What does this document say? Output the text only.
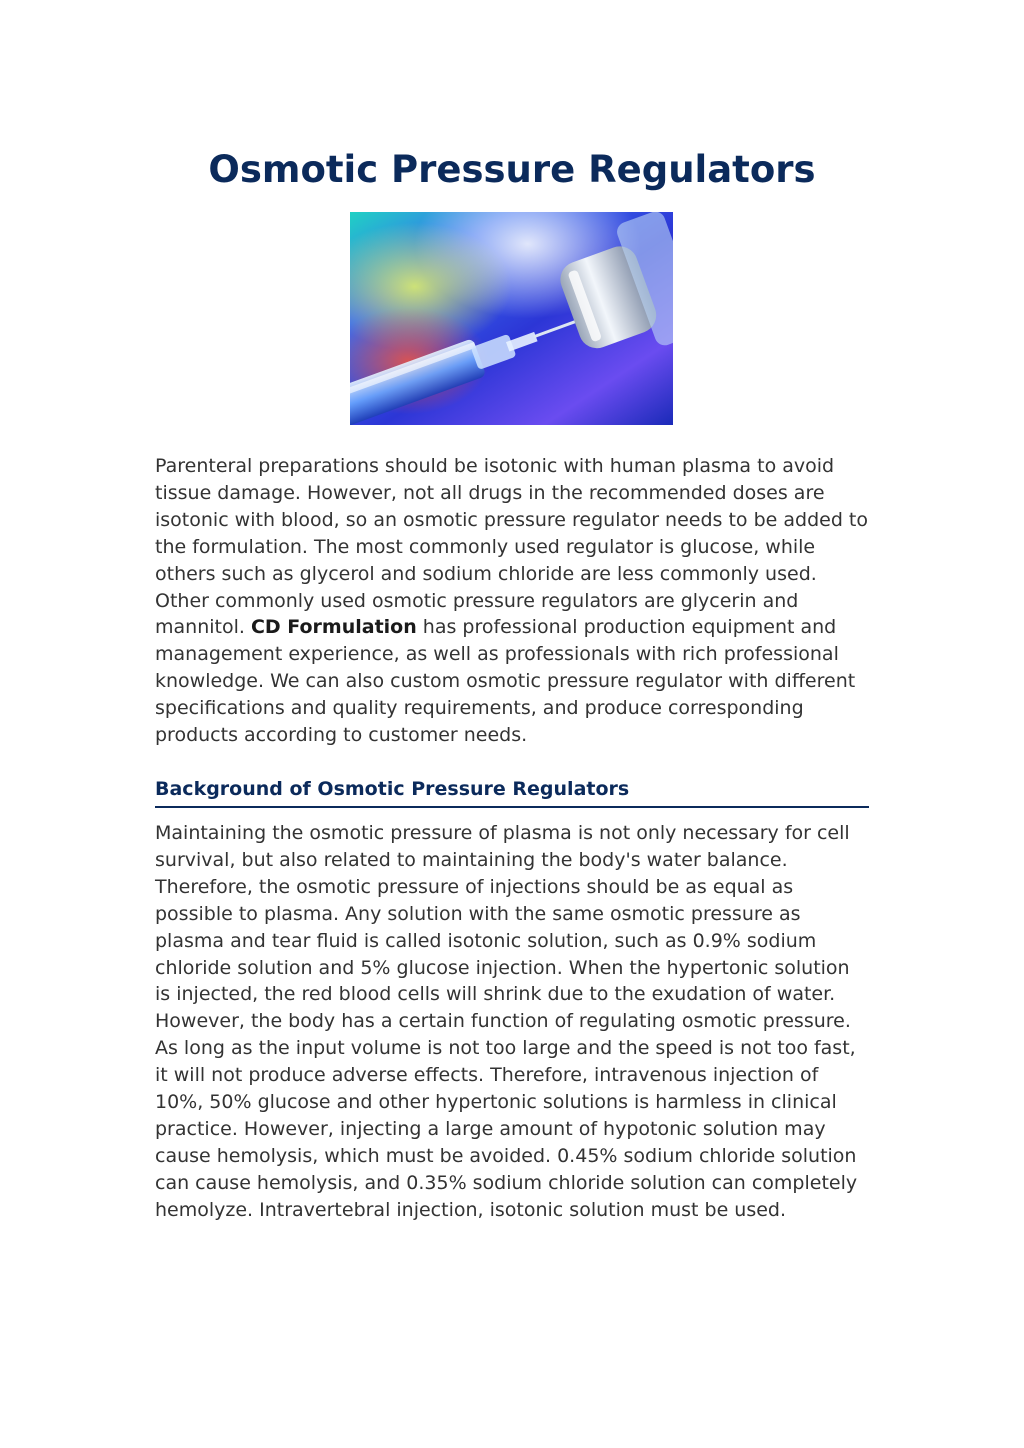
Osmotic Pressure Regulators

Parenteral preparations should be isotonic with human plasma to avoid tissue damage. However, not all drugs in the recommended doses are isotonic with blood, so an osmotic pressure regulator needs to be added to the formulation. The most commonly used regulator is glucose, while others such as glycerol and sodium chloride are less commonly used. Other commonly used osmotic pressure regulators are glycerin and mannitol. CD Formulation has professional production equipment and management experience, as well as professionals with rich professional knowledge. We can also custom osmotic pressure regulator with different specifications and quality requirements, and produce corresponding products according to customer needs.

Background of Osmotic Pressure Regulators

Maintaining the osmotic pressure of plasma is not only necessary for cell survival, but also related to maintaining the body's water balance. Therefore, the osmotic pressure of injections should be as equal as possible to plasma. Any solution with the same osmotic pressure as plasma and tear fluid is called isotonic solution, such as 0.9% sodium chloride solution and 5% glucose injection. When the hypertonic solution is injected, the red blood cells will shrink due to the exudation of water. However, the body has a certain function of regulating osmotic pressure. As long as the input volume is not too large and the speed is not too fast, it will not produce adverse effects. Therefore, intravenous injection of 10%, 50% glucose and other hypertonic solutions is harmless in clinical practice. However, injecting a large amount of hypotonic solution may cause hemolysis, which must be avoided. 0.45% sodium chloride solution can cause hemolysis, and 0.35% sodium chloride solution can completely hemolyze. Intravertebral injection, isotonic solution must be used.
